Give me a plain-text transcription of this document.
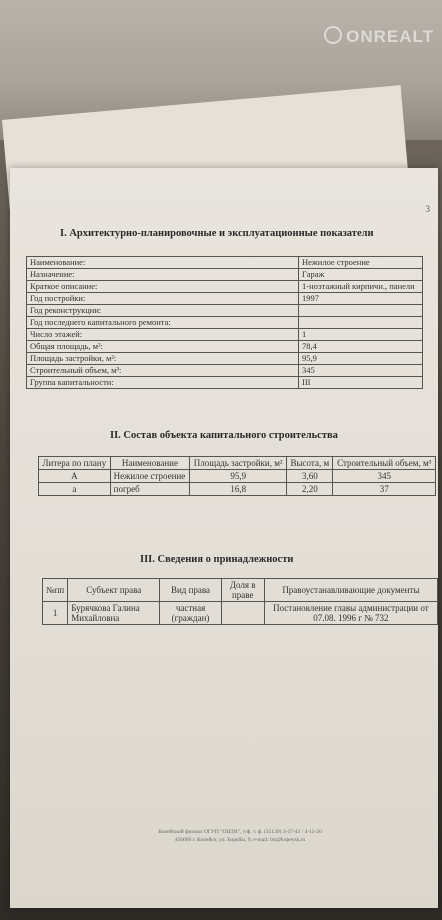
ONREALT
3
I. Архитектурно-планировочные и эксплуатационные показатели
Наименование:	Нежилое строение
Назначение:	Гараж
Краткое описание:	1-ноэтажный кирпичн., панели
Год постройки:	1997
Год реконструкции:	
Год последнего капитального ремонта:	
Число этажей:	1
Общая площадь, м²:	78,4
Площадь застройки, м²:	95,9
Строительный объем, м³:	345
Группа капитальности:	III
II. Состав объекта капитального строительства
Литера по плану	Наименование	Площадь застройки, м²	Высота, м	Строительный объем, м³
А	Нежилое строение	95,9	3,60	345
а	погреб	16,8	2,20	37
III. Сведения о принадлежности
№пп	Субъект права	Вид права	Доля в праве	Правоустанавливающие документы
1	Бурячкова Галина Михайловна	частная (граждан)		Постановление главы администрации от 07.08. 1996 г № 732
Копейский филиал ОГУП "ОЦТИ", т/ф. т. ф. (35139) 3-37-43 / 4-11-20
456600 г. Копейск, ул. Борьбы, 9, e-mail: bti@kopeysk.ru
